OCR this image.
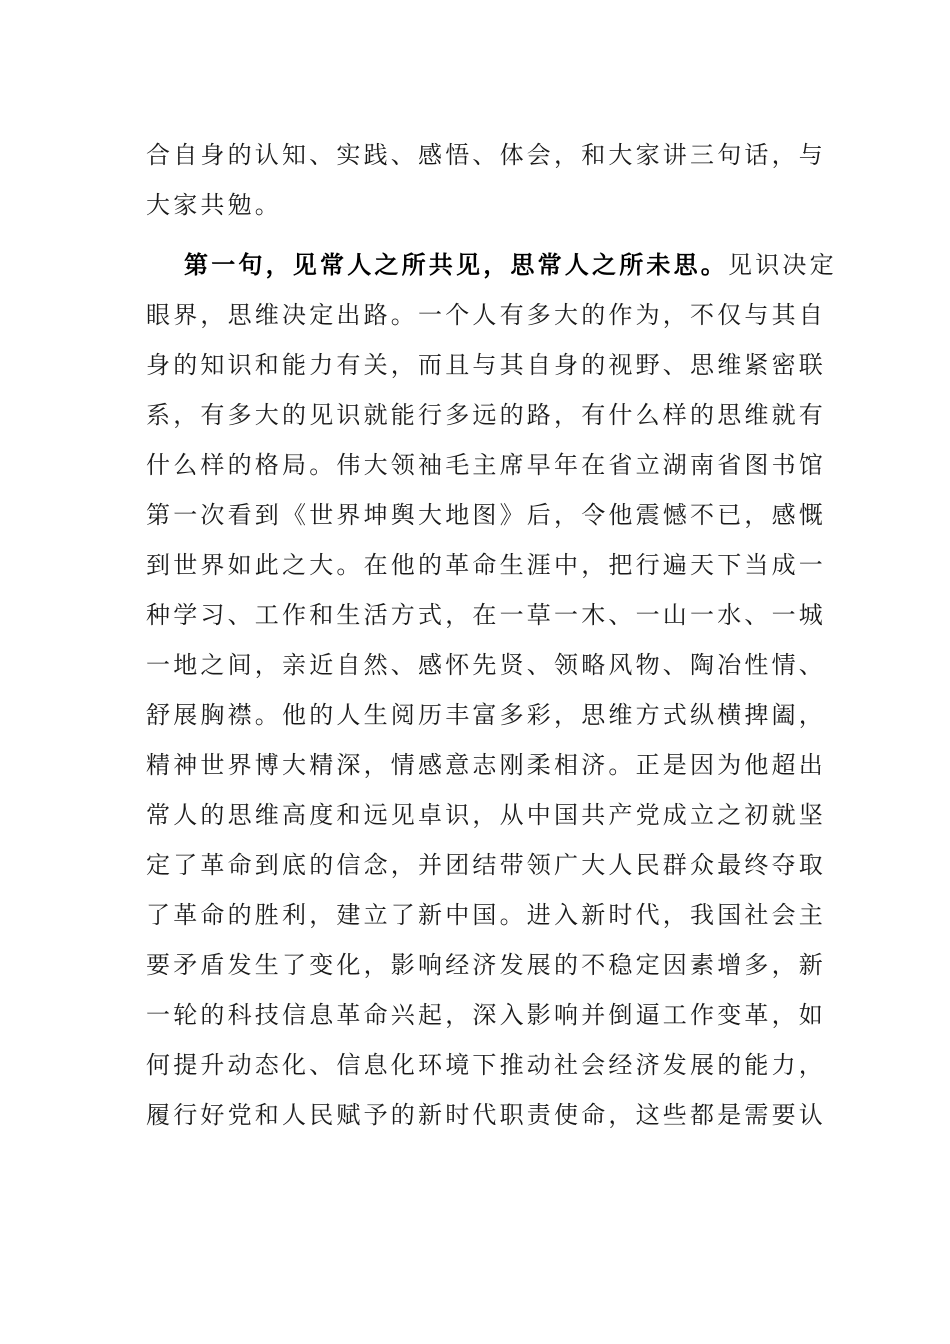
合自身的认知、实践、感悟、体会，和大家讲三句话，与
大家共勉。
第一句，见常人之所共见，思常人之所未思。见识决定
眼界，思维决定出路。一个人有多大的作为，不仅与其自
身的知识和能力有关，而且与其自身的视野、思维紧密联
系，有多大的见识就能行多远的路，有什么样的思维就有
什么样的格局。伟大领袖毛主席早年在省立湖南省图书馆
第一次看到《世界坤舆大地图》后，令他震憾不已，感慨
到世界如此之大。在他的革命生涯中，把行遍天下当成一
种学习、工作和生活方式，在一草一木、一山一水、一城
一地之间，亲近自然、感怀先贤、领略风物、陶冶性情、
舒展胸襟。他的人生阅历丰富多彩，思维方式纵横捭阖，
精神世界博大精深，情感意志刚柔相济。正是因为他超出
常人的思维高度和远见卓识，从中国共产党成立之初就坚
定了革命到底的信念，并团结带领广大人民群众最终夺取
了革命的胜利，建立了新中国。进入新时代，我国社会主
要矛盾发生了变化，影响经济发展的不稳定因素增多，新
一轮的科技信息革命兴起，深入影响并倒逼工作变革，如
何提升动态化、信息化环境下推动社会经济发展的能力，
履行好党和人民赋予的新时代职责使命，这些都是需要认
